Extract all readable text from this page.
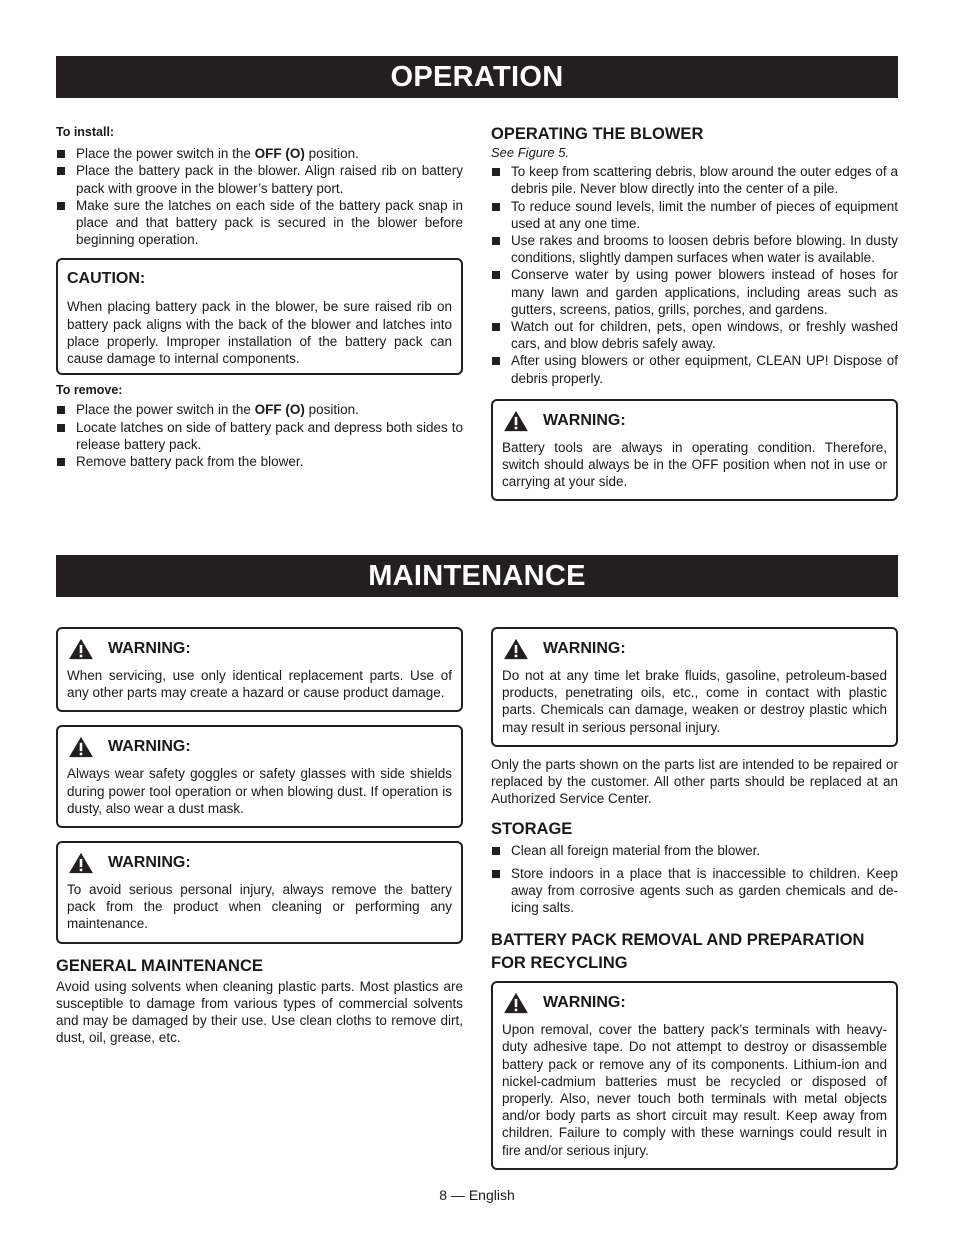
OPERATION
To install:
Place the power switch in the OFF (O) position.
Place the battery pack in the blower. Align raised rib on battery pack with groove in the blower’s battery port.
Make sure the latches on each side of the battery pack snap in place and that battery pack is secured in the blower before beginning operation.
CAUTION:
When placing battery pack in the blower, be sure raised rib on battery pack aligns with the back of the blower and latches into place properly. Improper installation of the battery pack can cause damage to internal components.
To remove:
Place the power switch in the OFF (O) position.
Locate latches on side of battery pack and depress both sides to release battery pack.
Remove battery pack from the blower.
OPERATING THE BLOWER
See Figure 5.
To keep from scattering debris, blow around the outer edges of a debris pile. Never blow directly into the center of a pile.
To reduce sound levels, limit the number of pieces of equipment used at any one time.
Use rakes and brooms to loosen debris before blowing. In dusty conditions, slightly dampen surfaces when water is available.
Conserve water by using power blowers instead of hoses for many lawn and garden applications, including areas such as gutters, screens, patios, grills, porches, and gardens.
Watch out for children, pets, open windows, or freshly washed cars, and blow debris safely away.
After using blowers or other equipment, CLEAN UP! Dispose of debris properly.
WARNING:
Battery tools are always in operating condition. Therefore, switch should always be in the OFF position when not in use or carrying at your side.
MAINTENANCE
WARNING:
When servicing, use only identical replacement parts. Use of any other parts may create a hazard or cause product damage.
WARNING:
Always wear safety goggles or safety glasses with side shields during power tool operation or when blowing dust. If operation is dusty, also wear a dust mask.
WARNING:
To avoid serious personal injury, always remove the battery pack from the product when cleaning or performing any maintenance.
GENERAL MAINTENANCE
Avoid using solvents when cleaning plastic parts. Most plastics are susceptible to damage from various types of commercial solvents and may be damaged by their use. Use clean cloths to remove dirt, dust, oil, grease, etc.
WARNING:
Do not at any time let brake fluids, gasoline, petroleum-based products, penetrating oils, etc., come in contact with plastic parts. Chemicals can damage, weaken or destroy plastic which may result in serious personal injury.
Only the parts shown on the parts list are intended to be repaired or replaced by the customer. All other parts should be replaced at an Authorized Service Center.
STORAGE
Clean all foreign material from the blower.
Store indoors in a place that is inaccessible to children. Keep away from corrosive agents such as garden chemicals and de-icing salts.
BATTERY PACK REMOVAL AND PREPARATION FOR RECYCLING
WARNING:
Upon removal, cover the battery pack’s terminals with heavy-duty adhesive tape. Do not attempt to destroy or disassemble battery pack or remove any of its components. Lithium-ion and nickel-cadmium batteries must be recycled or disposed of properly. Also, never touch both terminals with metal objects and/or body parts as short circuit may result. Keep away from children. Failure to comply with these warnings could result in fire and/or serious injury.
8 — English
